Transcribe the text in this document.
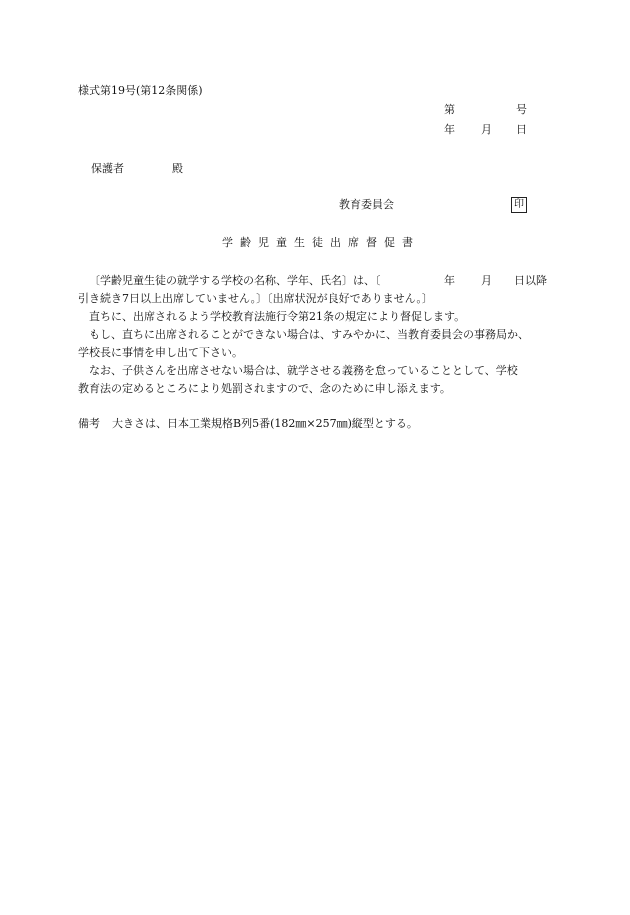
様式第19号(第12条関係)
第	号
年 月 日
保護者	殿
教育委員会	印
学齢児童生徒出席督促書
〔学齢児童生徒の就学する学校の名称、学年、氏名〕は、〔	年 月 日以降
引き続き7日以上出席していません。〕〔出席状況が良好でありません。〕
直ちに、出席されるよう学校教育法施行令第21条の規定により督促します。
もし、直ちに出席されることができない場合は、すみやかに、当教育委員会の事務局か、
学校長に事情を申し出て下さい。
なお、子供さんを出席させない場合は、就学させる義務を怠っていることとして、学校
教育法の定めるところにより処罰されますので、念のために申し添えます。
備考 大きさは、日本工業規格B列5番(182㎜×257㎜)縦型とする。
